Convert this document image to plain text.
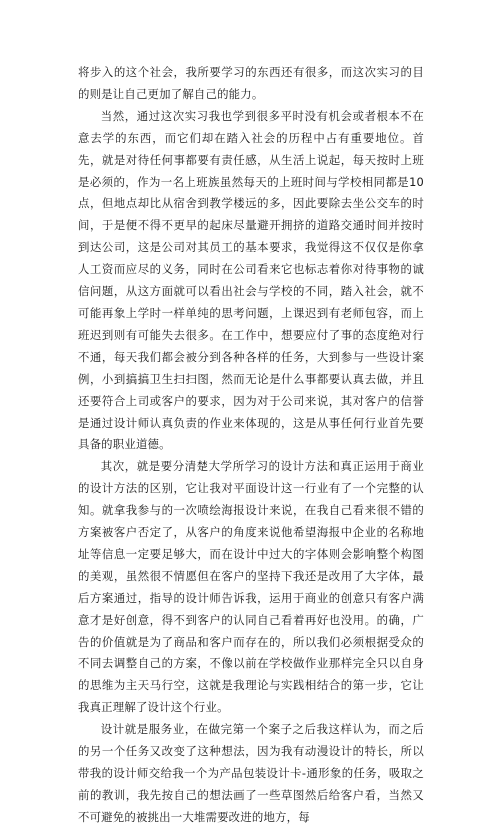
将步入的这个社会，我所要学习的东西还有很多，而这次实习的目的则是让自己更加了解自己的能力。

当然，通过这次实习我也学到很多平时没有机会或者根本不在意去学的东西，而它们却在踏入社会的历程中占有重要地位。首先，就是对待任何事都要有责任感，从生活上说起，每天按时上班是必须的，作为一名上班族虽然每天的上班时间与学校相同都是10点，但地点却比从宿舍到教学楼远的多，因此要除去坐公交车的时间，于是便不得不更早的起床尽量避开拥挤的道路交通时间并按时到达公司，这是公司对其员工的基本要求，我觉得这不仅仅是你拿人工资而应尽的义务，同时在公司看来它也标志着你对待事物的诚信问题，从这方面就可以看出社会与学校的不同，踏入社会，就不可能再象上学时一样单纯的思考问题，上课迟到有老师包容，而上班迟到则有可能失去很多。在工作中，想要应付了事的态度绝对行不通，每天我们都会被分到各种各样的任务，大到参与一些设计案例，小到搞搞卫生扫扫图，然而无论是什么事都要认真去做，并且还要符合上司或客户的要求，因为对于公司来说，其对客户的信誉是通过设计师认真负责的作业来体现的，这是从事任何行业首先要具备的职业道德。

其次，就是要分清楚大学所学习的设计方法和真正运用于商业的设计方法的区别，它让我对平面设计这一行业有了一个完整的认知。就拿我参与的一次喷绘海报设计来说，在我自己看来很不错的方案被客户否定了，从客户的角度来说他希望海报中企业的名称地址等信息一定要足够大，而在设计中过大的字体则会影响整个构图的美观，虽然很不情愿但在客户的坚持下我还是改用了大字体，最后方案通过，指导的设计师告诉我，运用于商业的创意只有客户满意才是好创意，得不到客户的认同自己看着再好也没用。的确，广告的价值就是为了商品和客户而存在的，所以我们必须根据受众的不同去调整自己的方案，不像以前在学校做作业那样完全只以自身的思维为主天马行空，这就是我理论与实践相结合的第一步，它让我真正理解了设计这个行业。

设计就是服务业，在做完第一个案子之后我这样认为，而之后的另一个任务又改变了这种想法，因为我有动漫设计的特长，所以带我的设计师交给我一个为产品包装设计卡-通形象的任务，吸取之前的教训，我先按自己的想法画了一些草图然后给客户看，当然又不可避免的被挑出一大堆需要改进的地方，每
